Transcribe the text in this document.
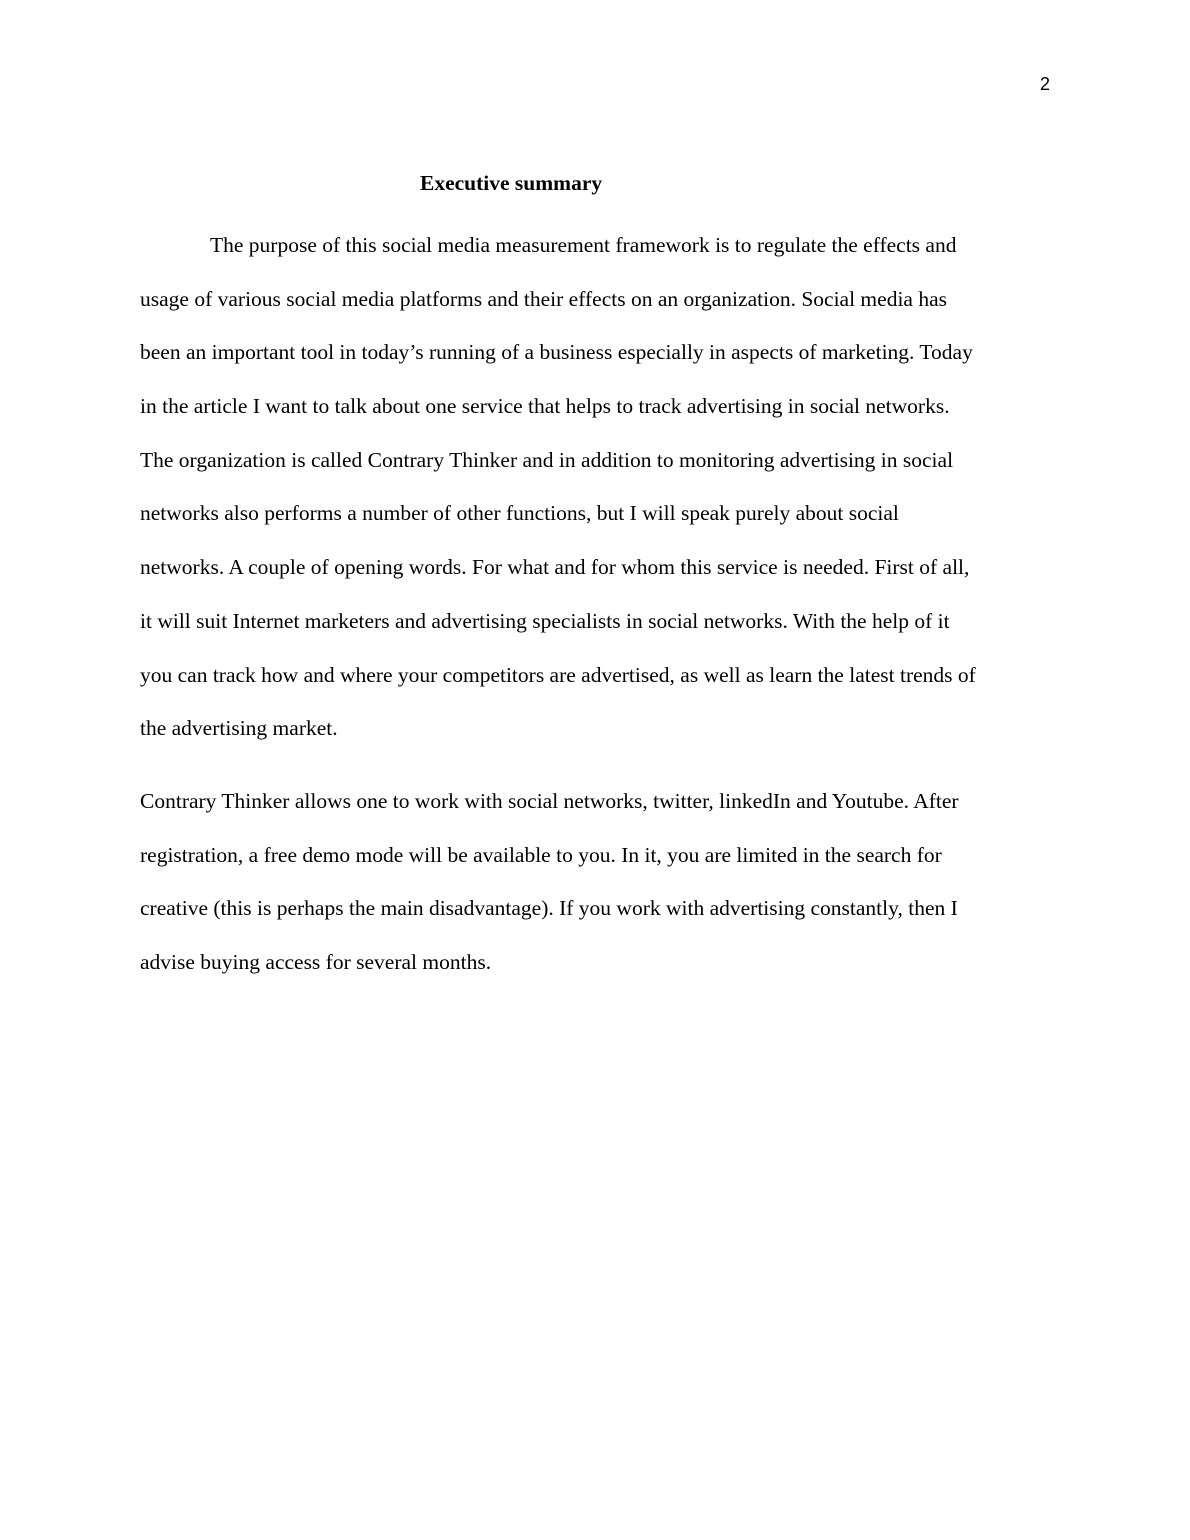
2
Executive summary
The purpose of this social media measurement framework is to regulate the effects and
usage of various social media platforms and their effects on an organization. Social media has
been an important tool in today’s running of a business especially in aspects of marketing. Today
in the article I want to talk about one service that helps to track advertising in social networks.
The organization is called Contrary Thinker and in addition to monitoring advertising in social
networks also performs a number of other functions, but I will speak purely about social
networks. A couple of opening words. For what and for whom this service is needed. First of all,
it will suit Internet marketers and advertising specialists in social networks. With the help of it
you can track how and where your competitors are advertised, as well as learn the latest trends of
the advertising market.
Contrary Thinker allows one to work with social networks, twitter, linkedIn and Youtube. After
registration, a free demo mode will be available to you. In it, you are limited in the search for
creative (this is perhaps the main disadvantage). If you work with advertising constantly, then I
advise buying access for several months.
